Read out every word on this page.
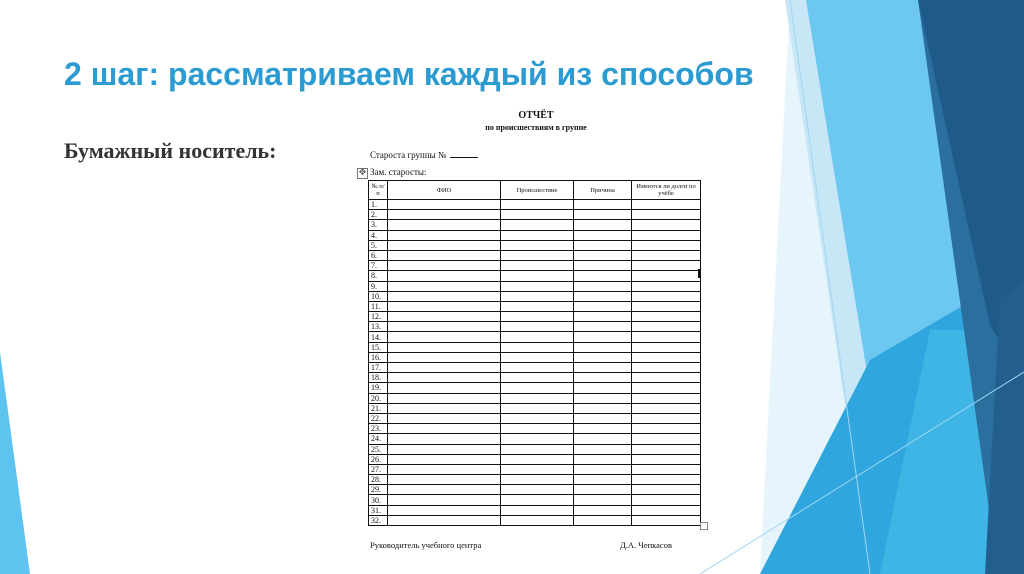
2 шаг: рассматриваем каждый из способов
Бумажный носитель:
ОТЧЁТ
по происшествиям в группе
Староста группы №
Зам. старосты:
✥
№ п/п	ФИО	Происшествие	Причина	Имеются ли долги по учёбе
1.				
2.				
3.				
4.				
5.				
6.				
7.				
8.				
9.				
10.				
11.				
12.				
13.				
14.				
15.				
16.				
17.				
18.				
19.				
20.				
21.				
22.				
23.				
24.				
25.				
26.				
27.				
28.				
29.				
30.				
31.				
32.				
Руководитель учебного центра	Д.А. Чепкасов
